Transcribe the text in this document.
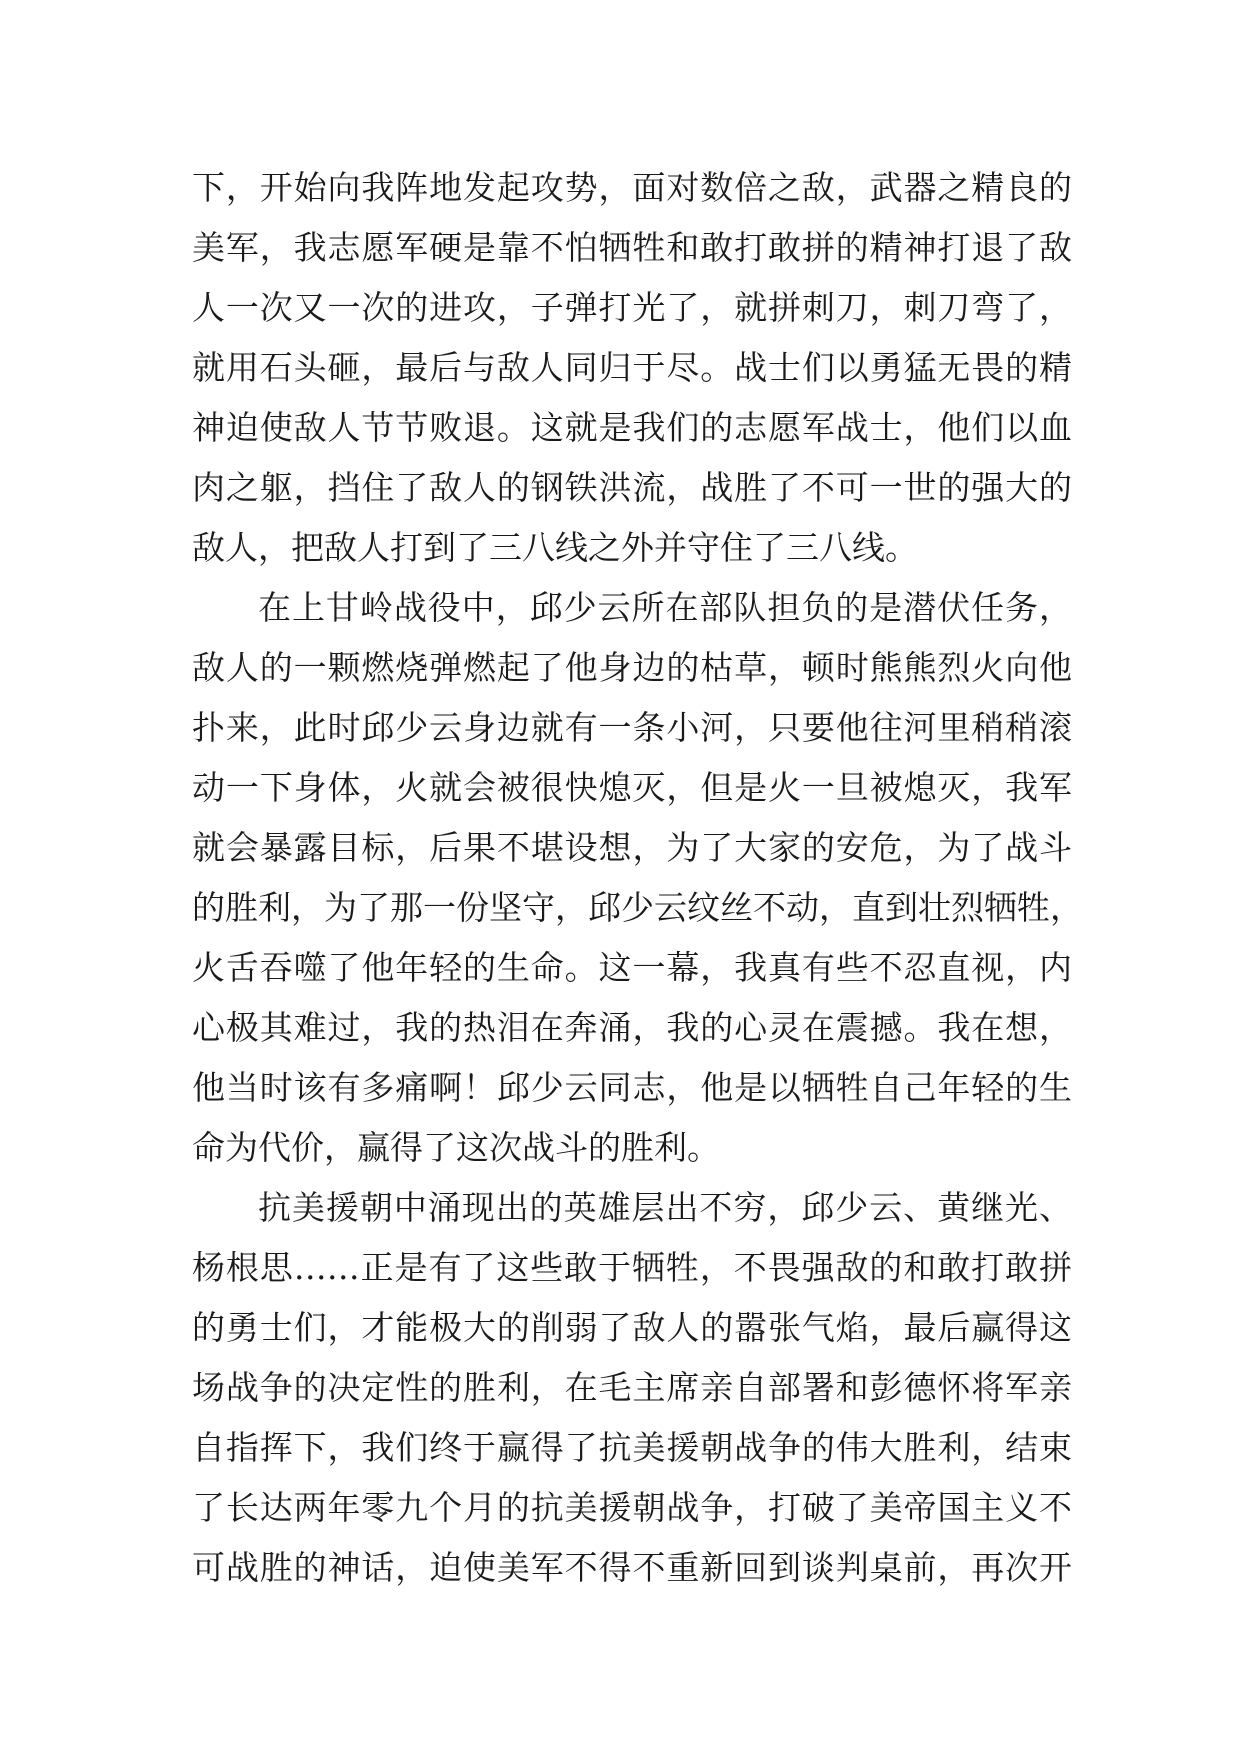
下，开始向我阵地发起攻势，面对数倍之敌，武器之精良的
美军，我志愿军硬是靠不怕牺牲和敢打敢拼的精神打退了敌
人一次又一次的进攻，子弹打光了，就拼刺刀，刺刀弯了，
就用石头砸，最后与敌人同归于尽。战士们以勇猛无畏的精
神迫使敌人节节败退。这就是我们的志愿军战士，他们以血
肉之躯，挡住了敌人的钢铁洪流，战胜了不可一世的强大的
敌人，把敌人打到了三八线之外并守住了三八线。
在上甘岭战役中，邱少云所在部队担负的是潜伏任务，
敌人的一颗燃烧弹燃起了他身边的枯草，顿时熊熊烈火向他
扑来，此时邱少云身边就有一条小河，只要他往河里稍稍滚
动一下身体，火就会被很快熄灭，但是火一旦被熄灭，我军
就会暴露目标，后果不堪设想，为了大家的安危，为了战斗
的胜利，为了那一份坚守，邱少云纹丝不动，直到壮烈牺牲，
火舌吞噬了他年轻的生命。这一幕，我真有些不忍直视，内
心极其难过，我的热泪在奔涌，我的心灵在震撼。我在想，
他当时该有多痛啊！邱少云同志，他是以牺牲自己年轻的生
命为代价，赢得了这次战斗的胜利。
抗美援朝中涌现出的英雄层出不穷，邱少云、黄继光、
杨根思……正是有了这些敢于牺牲，不畏强敌的和敢打敢拼
的勇士们，才能极大的削弱了敌人的嚣张气焰，最后赢得这
场战争的决定性的胜利，在毛主席亲自部署和彭德怀将军亲
自指挥下，我们终于赢得了抗美援朝战争的伟大胜利，结束
了长达两年零九个月的抗美援朝战争，打破了美帝国主义不
可战胜的神话，迫使美军不得不重新回到谈判桌前，再次开
